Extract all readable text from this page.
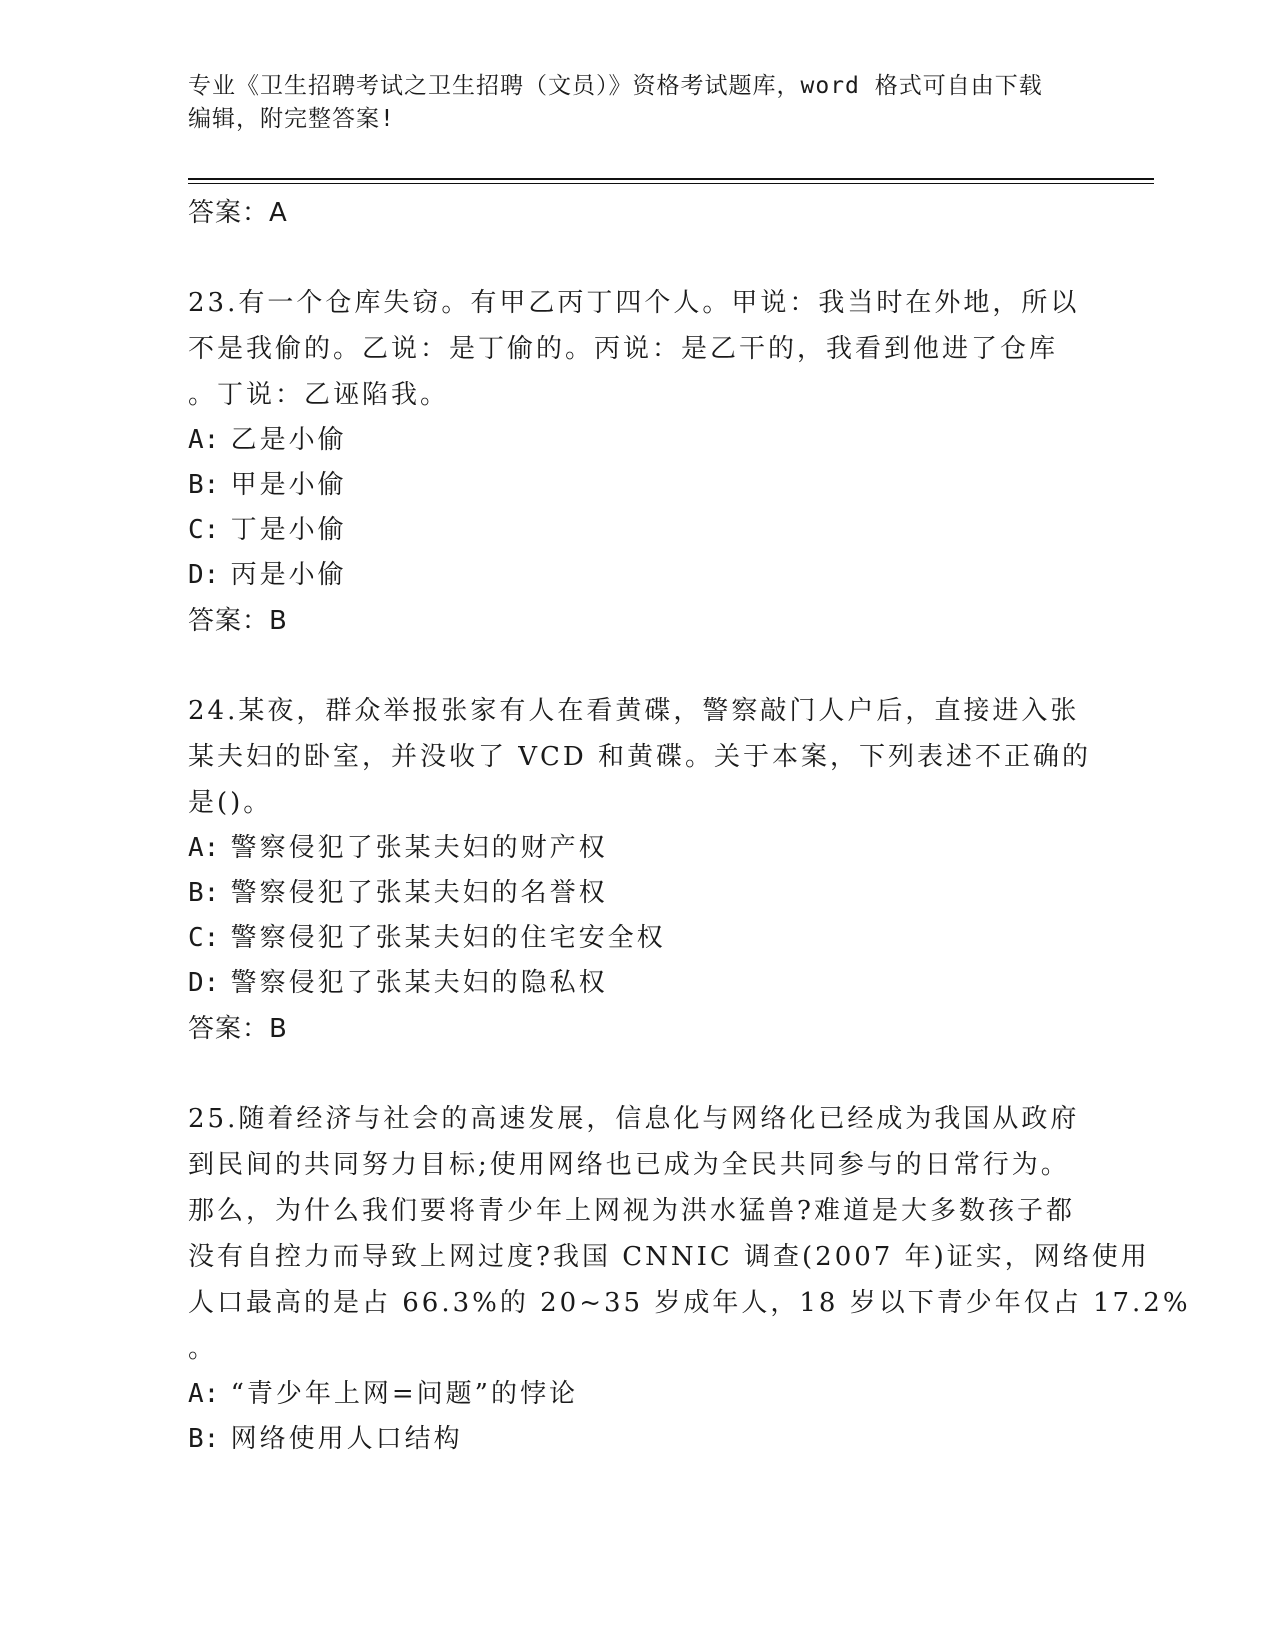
专业《卫生招聘考试之卫生招聘（文员）》资格考试题库，word 格式可自由下载
编辑，附完整答案!
答案：A

23.有一个仓库失窃。有甲乙丙丁四个人。甲说：我当时在外地，所以
不是我偷的。乙说：是丁偷的。丙说：是乙干的，我看到他进了仓库
。丁说：乙诬陷我。

A: 乙是小偷
B: 甲是小偷
C: 丁是小偷
D: 丙是小偷
答案：B

24.某夜，群众举报张家有人在看黄碟，警察敲门人户后，直接进入张
某夫妇的卧室，并没收了 VCD 和黄碟。关于本案，下列表述不正确的
是()。

A: 警察侵犯了张某夫妇的财产权
B: 警察侵犯了张某夫妇的名誉权
C: 警察侵犯了张某夫妇的住宅安全权
D: 警察侵犯了张某夫妇的隐私权
答案：B

25.随着经济与社会的高速发展，信息化与网络化已经成为我国从政府
到民间的共同努力目标;使用网络也已成为全民共同参与的日常行为。
那么，为什么我们要将青少年上网视为洪水猛兽?难道是大多数孩子都
没有自控力而导致上网过度?我国 CNNIC 调查(2007 年)证实，网络使用
人口最高的是占 66.3%的 20~35 岁成年人，18 岁以下青少年仅占 17.2%
。

A: “青少年上网=问题”的悖论
B: 网络使用人口结构
